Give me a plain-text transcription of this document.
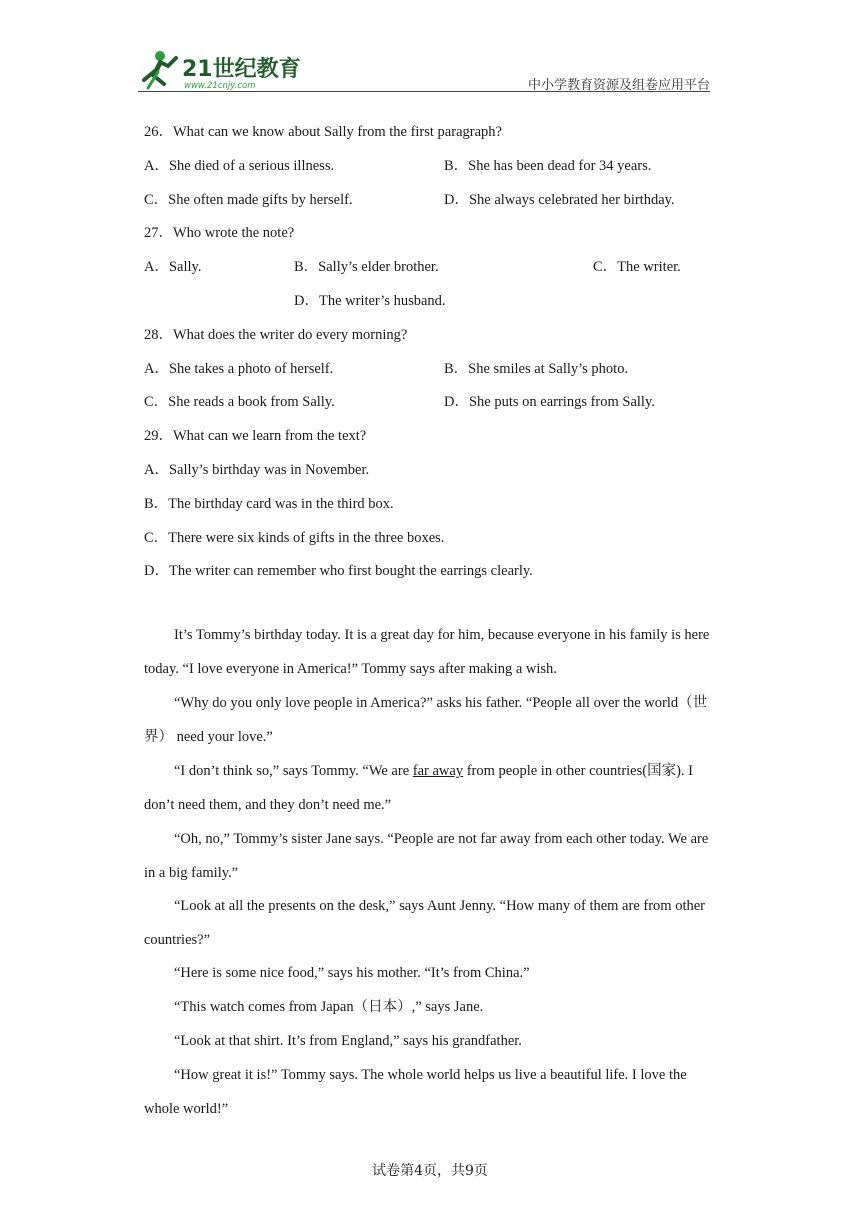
21世纪教育
www.21cnjy.com	中小学教育资源及组卷应用平台
26．What can we know about Sally from the first paragraph?
A．She died of a serious illness.	B．She has been dead for 34 years.
C．She often made gifts by herself.	D．She always celebrated her birthday.
27．Who wrote the note?
A．Sally.	B．Sally’s elder brother.	C．The writer.
D．The writer’s husband.
28．What does the writer do every morning?
A．She takes a photo of herself.	B．She smiles at Sally’s photo.
C．She reads a book from Sally.	D．She puts on earrings from Sally.
29．What can we learn from the text?
A．Sally’s birthday was in November.
B．The birthday card was in the third box.
C．There were six kinds of gifts in the three boxes.
D．The writer can remember who first bought the earrings clearly.
It’s Tommy’s birthday today. It is a great day for him, because everyone in his family is here today. “I love everyone in America!” Tommy says after making a wish.
“Why do you only love people in America?” asks his father. “People all over the world（世界） need your love.”
“I don’t think so,” says Tommy. “We are far away from people in other countries(国家). I don’t need them, and they don’t need me.”
“Oh, no,” Tommy’s sister Jane says. “People are not far away from each other today. We are in a big family.”
“Look at all the presents on the desk,” says Aunt Jenny. “How many of them are from other countries?”
“Here is some nice food,” says his mother. “It’s from China.”
“This watch comes from Japan（日本）,” says Jane.
“Look at that shirt. It’s from England,” says his grandfather.
“How great it is!” Tommy says. The whole world helps us live a beautiful life. I love the whole world!”
试卷第4页，共9页
